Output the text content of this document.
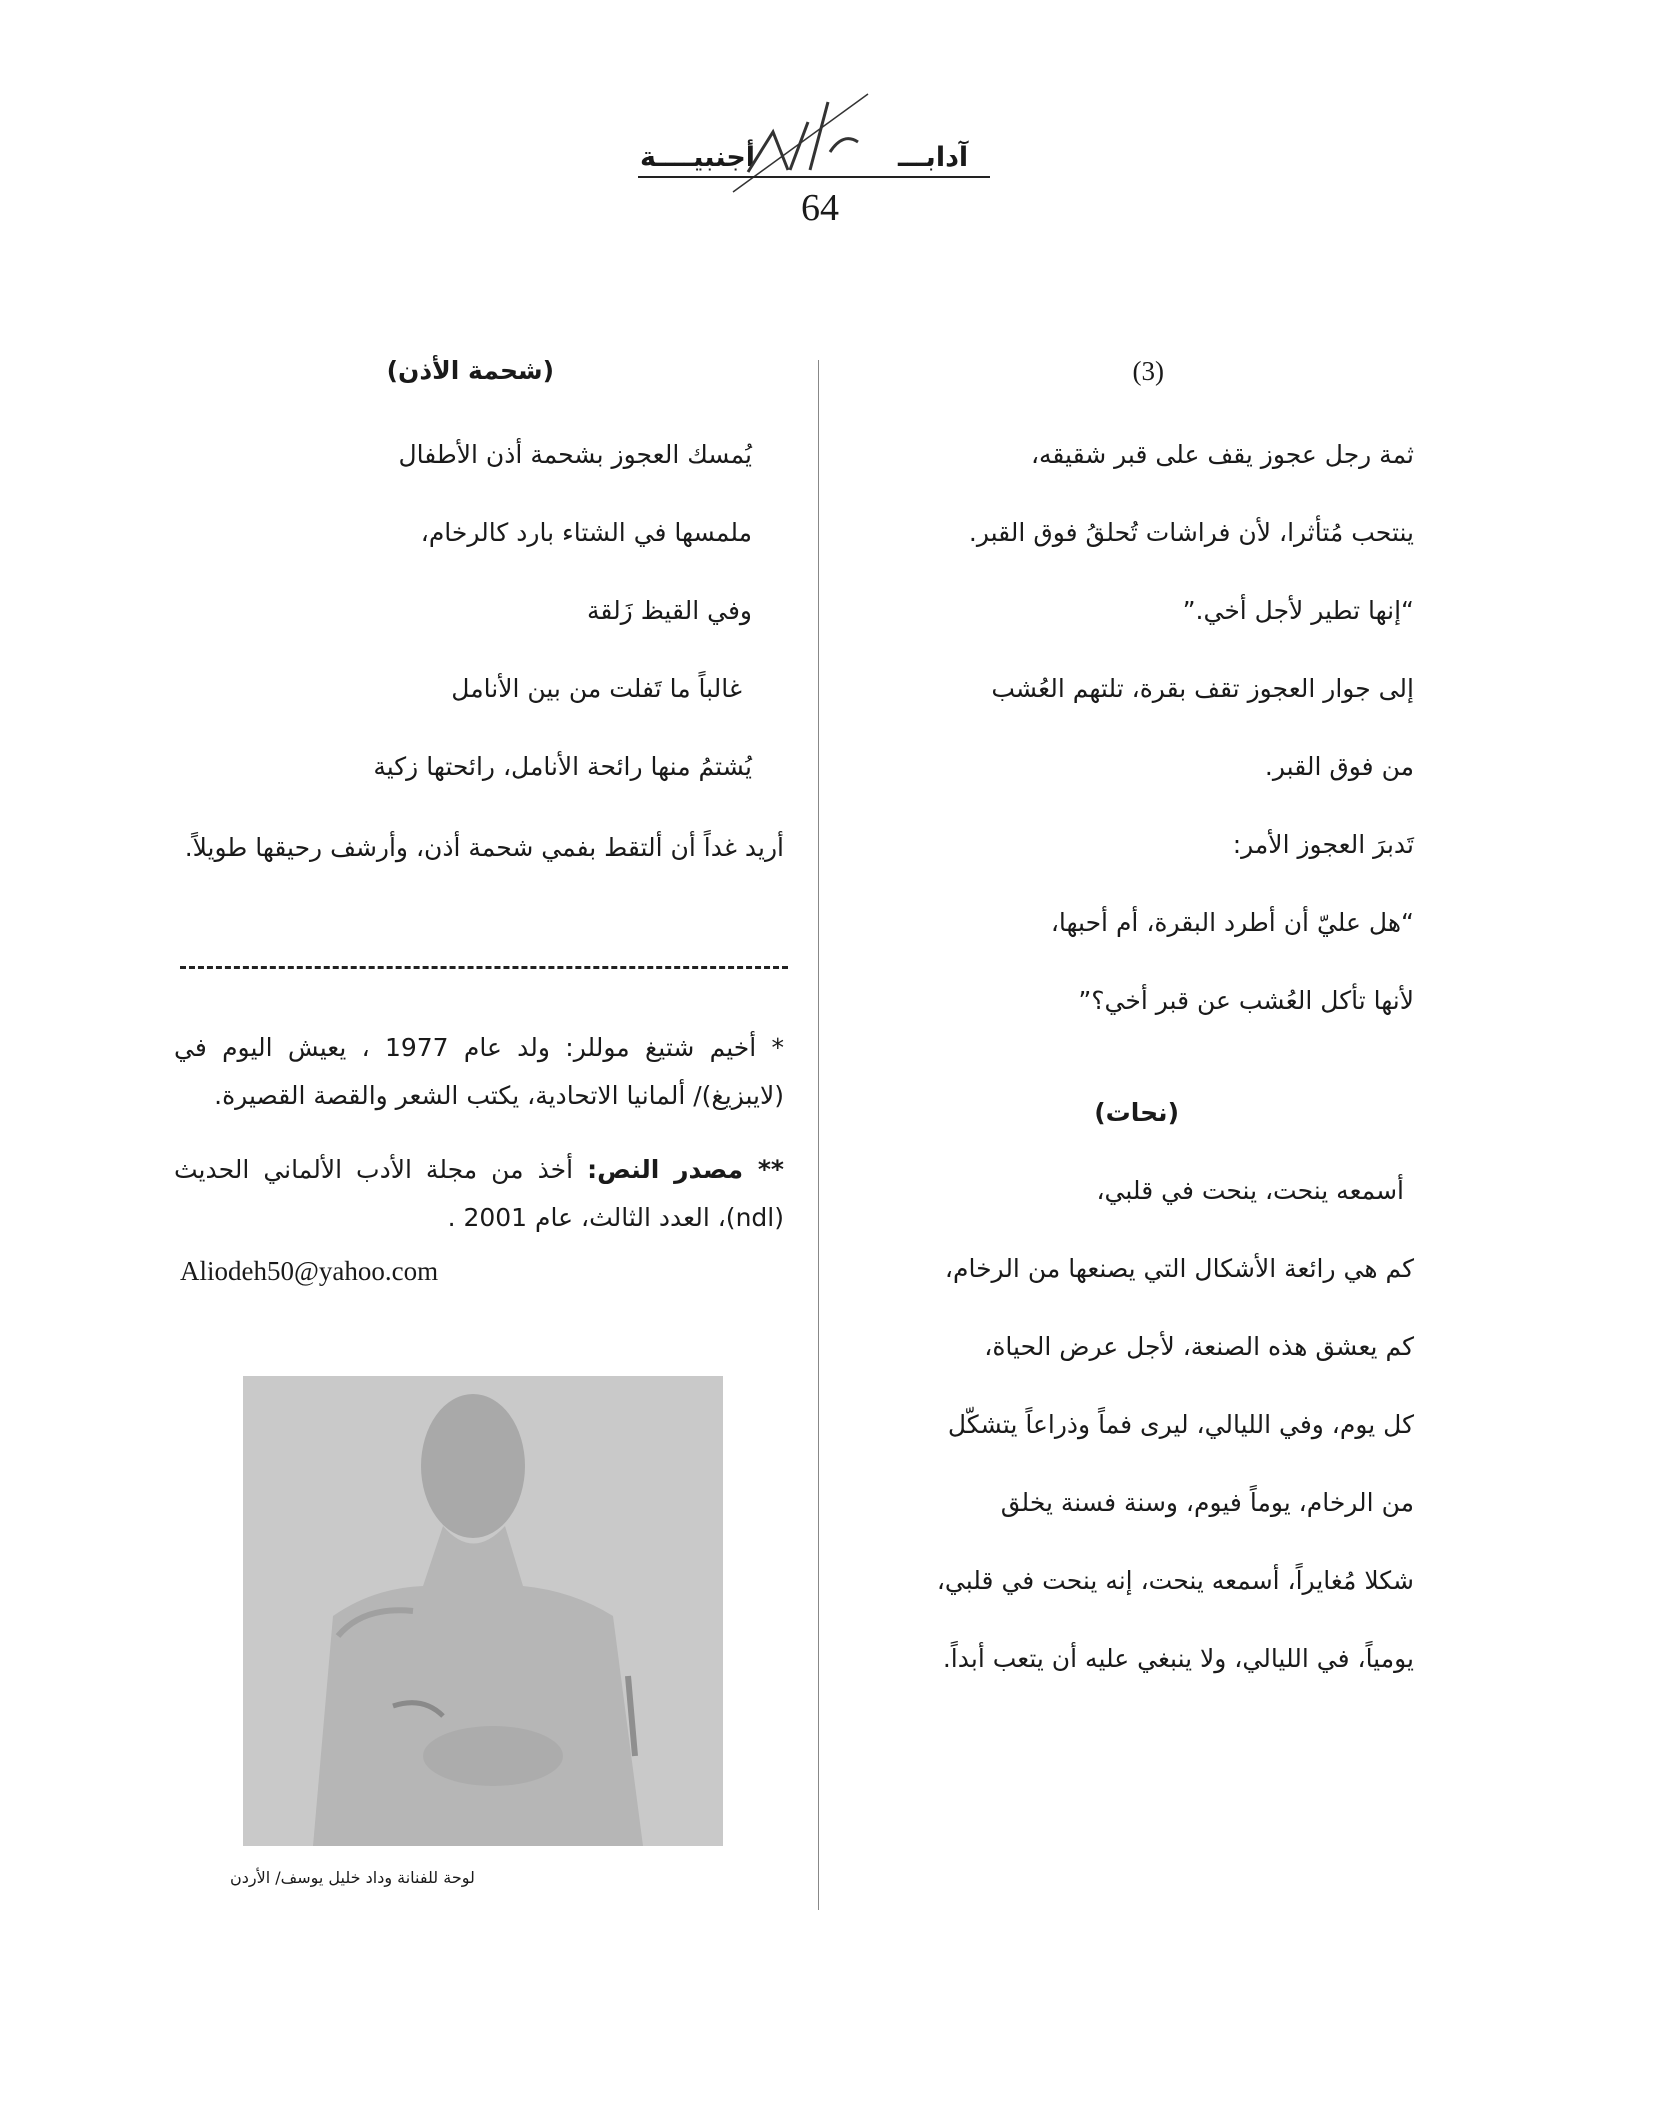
أجنبيــــة	آدابـــ
64
(3)
ثمة رجل عجوز يقف على قبر شقيقه،
ينتحب مُتأثرا، لأن فراشات تُحلقُ فوق القبر.
“إنها تطير لأجل أخي.”
إلى جوار العجوز تقف بقرة، تلتهم العُشب
من فوق القبر.
تَدبرَ العجوز الأمر:
“هل عليّ أن أطرد البقرة، أم أحبها،
لأنها تأكل العُشب عن قبر أخي؟”
(نحات)
أسمعه ينحت، ينحت في قلبي،
كم هي رائعة الأشكال التي يصنعها من الرخام،
كم يعشق هذه الصنعة، لأجل عرض الحياة،
كل يوم، وفي الليالي، ليرى فماً وذراعاً يتشكّل
من الرخام، يوماً فيوم، وسنة فسنة يخلق
شكلا مُغايراً، أسمعه ينحت، إنه ينحت في قلبي،
يومياً، في الليالي، ولا ينبغي عليه أن يتعب أبداً.
(شحمة الأذن)
يُمسك العجوز بشحمة أذن الأطفال
ملمسها في الشتاء بارد كالرخام،
وفي القيظ زَلقة
غالباً ما تَفلت من بين الأنامل
يُشتمُ منها رائحة الأنامل، رائحتها زكية
أريد غداً أن ألتقط بفمي شحمة أذن، وأرشف رحيقها طويلاً.
* أخيم شتيغ موللر: ولد عام 1977 ، يعيش اليوم في (لايبزيغ)/ ألمانيا الاتحادية، يكتب الشعر والقصة القصيرة.
** مصدر النص: أخذ من مجلة الأدب الألماني الحديث (ndl)، العدد الثالث، عام 2001 .
Aliodeh50@yahoo.com
لوحة للفنانة وداد خليل يوسف/ الأردن
